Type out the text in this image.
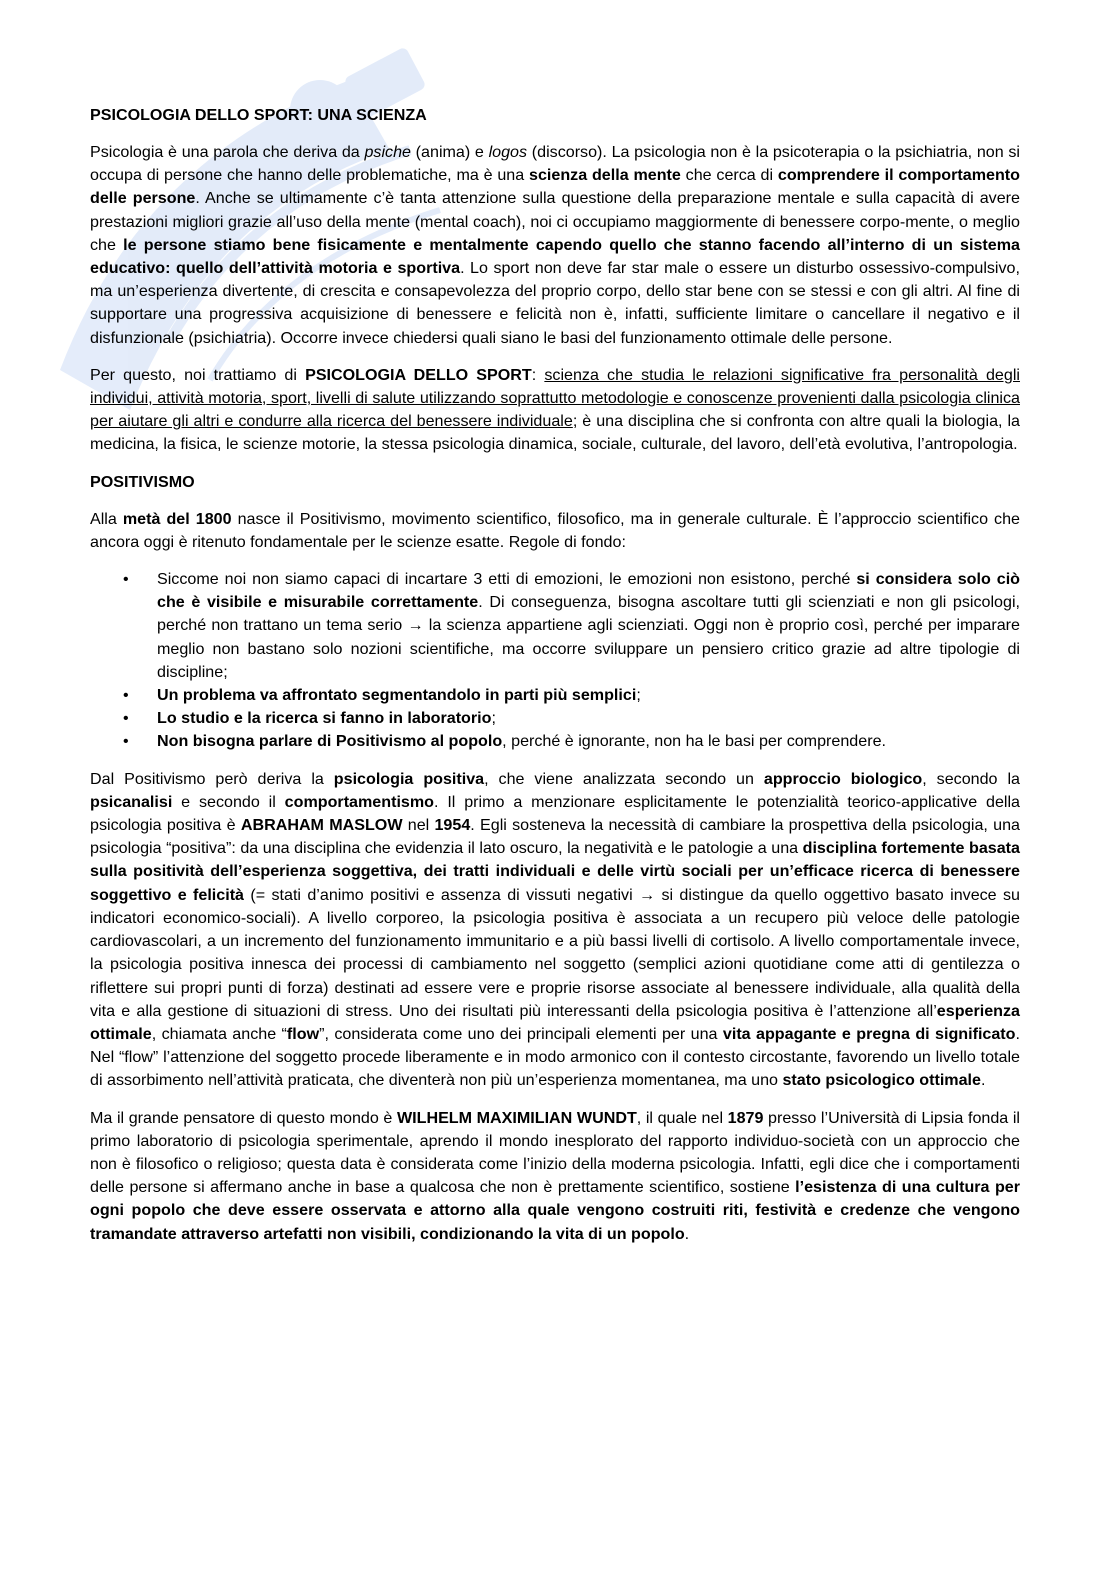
PSICOLOGIA DELLO SPORT: UNA SCIENZA

Psicologia è una parola che deriva da psiche (anima) e logos (discorso). La psicologia non è la psicoterapia o la psichiatria, non si occupa di persone che hanno delle problematiche, ma è una scienza della mente che cerca di comprendere il comportamento delle persone. Anche se ultimamente c’è tanta attenzione sulla questione della preparazione mentale e sulla capacità di avere prestazioni migliori grazie all’uso della mente (mental coach), noi ci occupiamo maggiormente di benessere corpo-mente, o meglio che le persone stiamo bene fisicamente e mentalmente capendo quello che stanno facendo all’interno di un sistema educativo: quello dell’attività motoria e sportiva. Lo sport non deve far star male o essere un disturbo ossessivo-compulsivo, ma un’esperienza divertente, di crescita e consapevolezza del proprio corpo, dello star bene con se stessi e con gli altri. Al fine di supportare una progressiva acquisizione di benessere e felicità non è, infatti, sufficiente limitare o cancellare il negativo e il disfunzionale (psichiatria). Occorre invece chiedersi quali siano le basi del funzionamento ottimale delle persone.

Per questo, noi trattiamo di PSICOLOGIA DELLO SPORT: scienza che studia le relazioni significative fra personalità degli individui, attività motoria, sport, livelli di salute utilizzando soprattutto metodologie e conoscenze provenienti dalla psicologia clinica per aiutare gli altri e condurre alla ricerca del benessere individuale; è una disciplina che si confronta con altre quali la biologia, la medicina, la fisica, le scienze motorie, la stessa psicologia dinamica, sociale, culturale, del lavoro, dell’età evolutiva, l’antropologia.

POSITIVISMO

Alla metà del 1800 nasce il Positivismo, movimento scientifico, filosofico, ma in generale culturale. È l’approccio scientifico che ancora oggi è ritenuto fondamentale per le scienze esatte. Regole di fondo:

• Siccome noi non siamo capaci di incartare 3 etti di emozioni, le emozioni non esistono, perché si considera solo ciò che è visibile e misurabile correttamente. Di conseguenza, bisogna ascoltare tutti gli scienziati e non gli psicologi, perché non trattano un tema serio → la scienza appartiene agli scienziati. Oggi non è proprio così, perché per imparare meglio non bastano solo nozioni scientifiche, ma occorre sviluppare un pensiero critico grazie ad altre tipologie di discipline;
• Un problema va affrontato segmentandolo in parti più semplici;
• Lo studio e la ricerca si fanno in laboratorio;
• Non bisogna parlare di Positivismo al popolo, perché è ignorante, non ha le basi per comprendere.

Dal Positivismo però deriva la psicologia positiva, che viene analizzata secondo un approccio biologico, secondo la psicanalisi e secondo il comportamentismo. Il primo a menzionare esplicitamente le potenzialità teorico-applicative della psicologia positiva è ABRAHAM MASLOW nel 1954. Egli sosteneva la necessità di cambiare la prospettiva della psicologia, una psicologia “positiva”: da una disciplina che evidenzia il lato oscuro, la negatività e le patologie a una disciplina fortemente basata sulla positività dell’esperienza soggettiva, dei tratti individuali e delle virtù sociali per un’efficace ricerca di benessere soggettivo e felicità (= stati d’animo positivi e assenza di vissuti negativi → si distingue da quello oggettivo basato invece su indicatori economico-sociali). A livello corporeo, la psicologia positiva è associata a un recupero più veloce delle patologie cardiovascolari, a un incremento del funzionamento immunitario e a più bassi livelli di cortisolo. A livello comportamentale invece, la psicologia positiva innesca dei processi di cambiamento nel soggetto (semplici azioni quotidiane come atti di gentilezza o riflettere sui propri punti di forza) destinati ad essere vere e proprie risorse associate al benessere individuale, alla qualità della vita e alla gestione di situazioni di stress. Uno dei risultati più interessanti della psicologia positiva è l’attenzione all’esperienza ottimale, chiamata anche “flow”, considerata come uno dei principali elementi per una vita appagante e pregna di significato. Nel “flow” l’attenzione del soggetto procede liberamente e in modo armonico con il contesto circostante, favorendo un livello totale di assorbimento nell’attività praticata, che diventerà non più un’esperienza momentanea, ma uno stato psicologico ottimale.

Ma il grande pensatore di questo mondo è WILHELM MAXIMILIAN WUNDT, il quale nel 1879 presso l’Università di Lipsia fonda il primo laboratorio di psicologia sperimentale, aprendo il mondo inesplorato del rapporto individuo-società con un approccio che non è filosofico o religioso; questa data è considerata come l’inizio della moderna psicologia. Infatti, egli dice che i comportamenti delle persone si affermano anche in base a qualcosa che non è prettamente scientifico, sostiene l’esistenza di una cultura per ogni popolo che deve essere osservata e attorno alla quale vengono costruiti riti, festività e credenze che vengono tramandate attraverso artefatti non visibili, condizionando la vita di un popolo.
